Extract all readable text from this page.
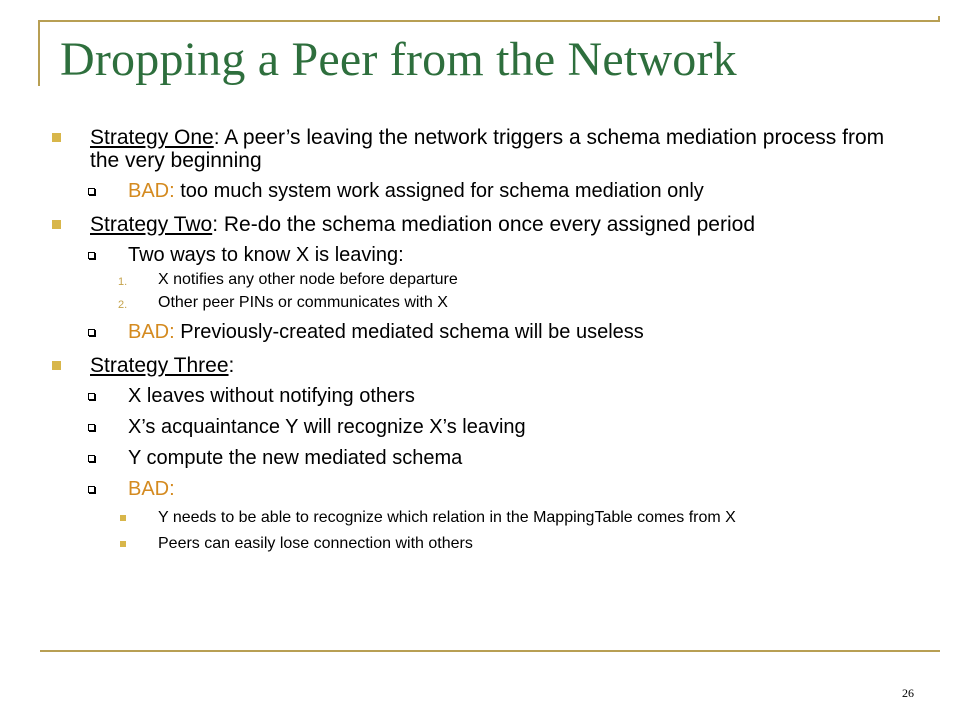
Dropping a Peer from the Network
Strategy One: A peer’s leaving the network triggers a schema mediation process from the very beginning
BAD: too much system work assigned for schema mediation only
Strategy Two: Re-do the schema mediation once every assigned period
Two ways to know X is leaving:
1. X notifies any other node before departure
2. Other peer PINs or communicates with X
BAD: Previously-created mediated schema will be useless
Strategy Three:
X leaves without notifying others
X’s acquaintance Y will recognize X’s leaving
Y compute the new mediated schema
BAD:
Y needs to be able to recognize which relation in the MappingTable comes from X
Peers can easily lose connection with others
26
